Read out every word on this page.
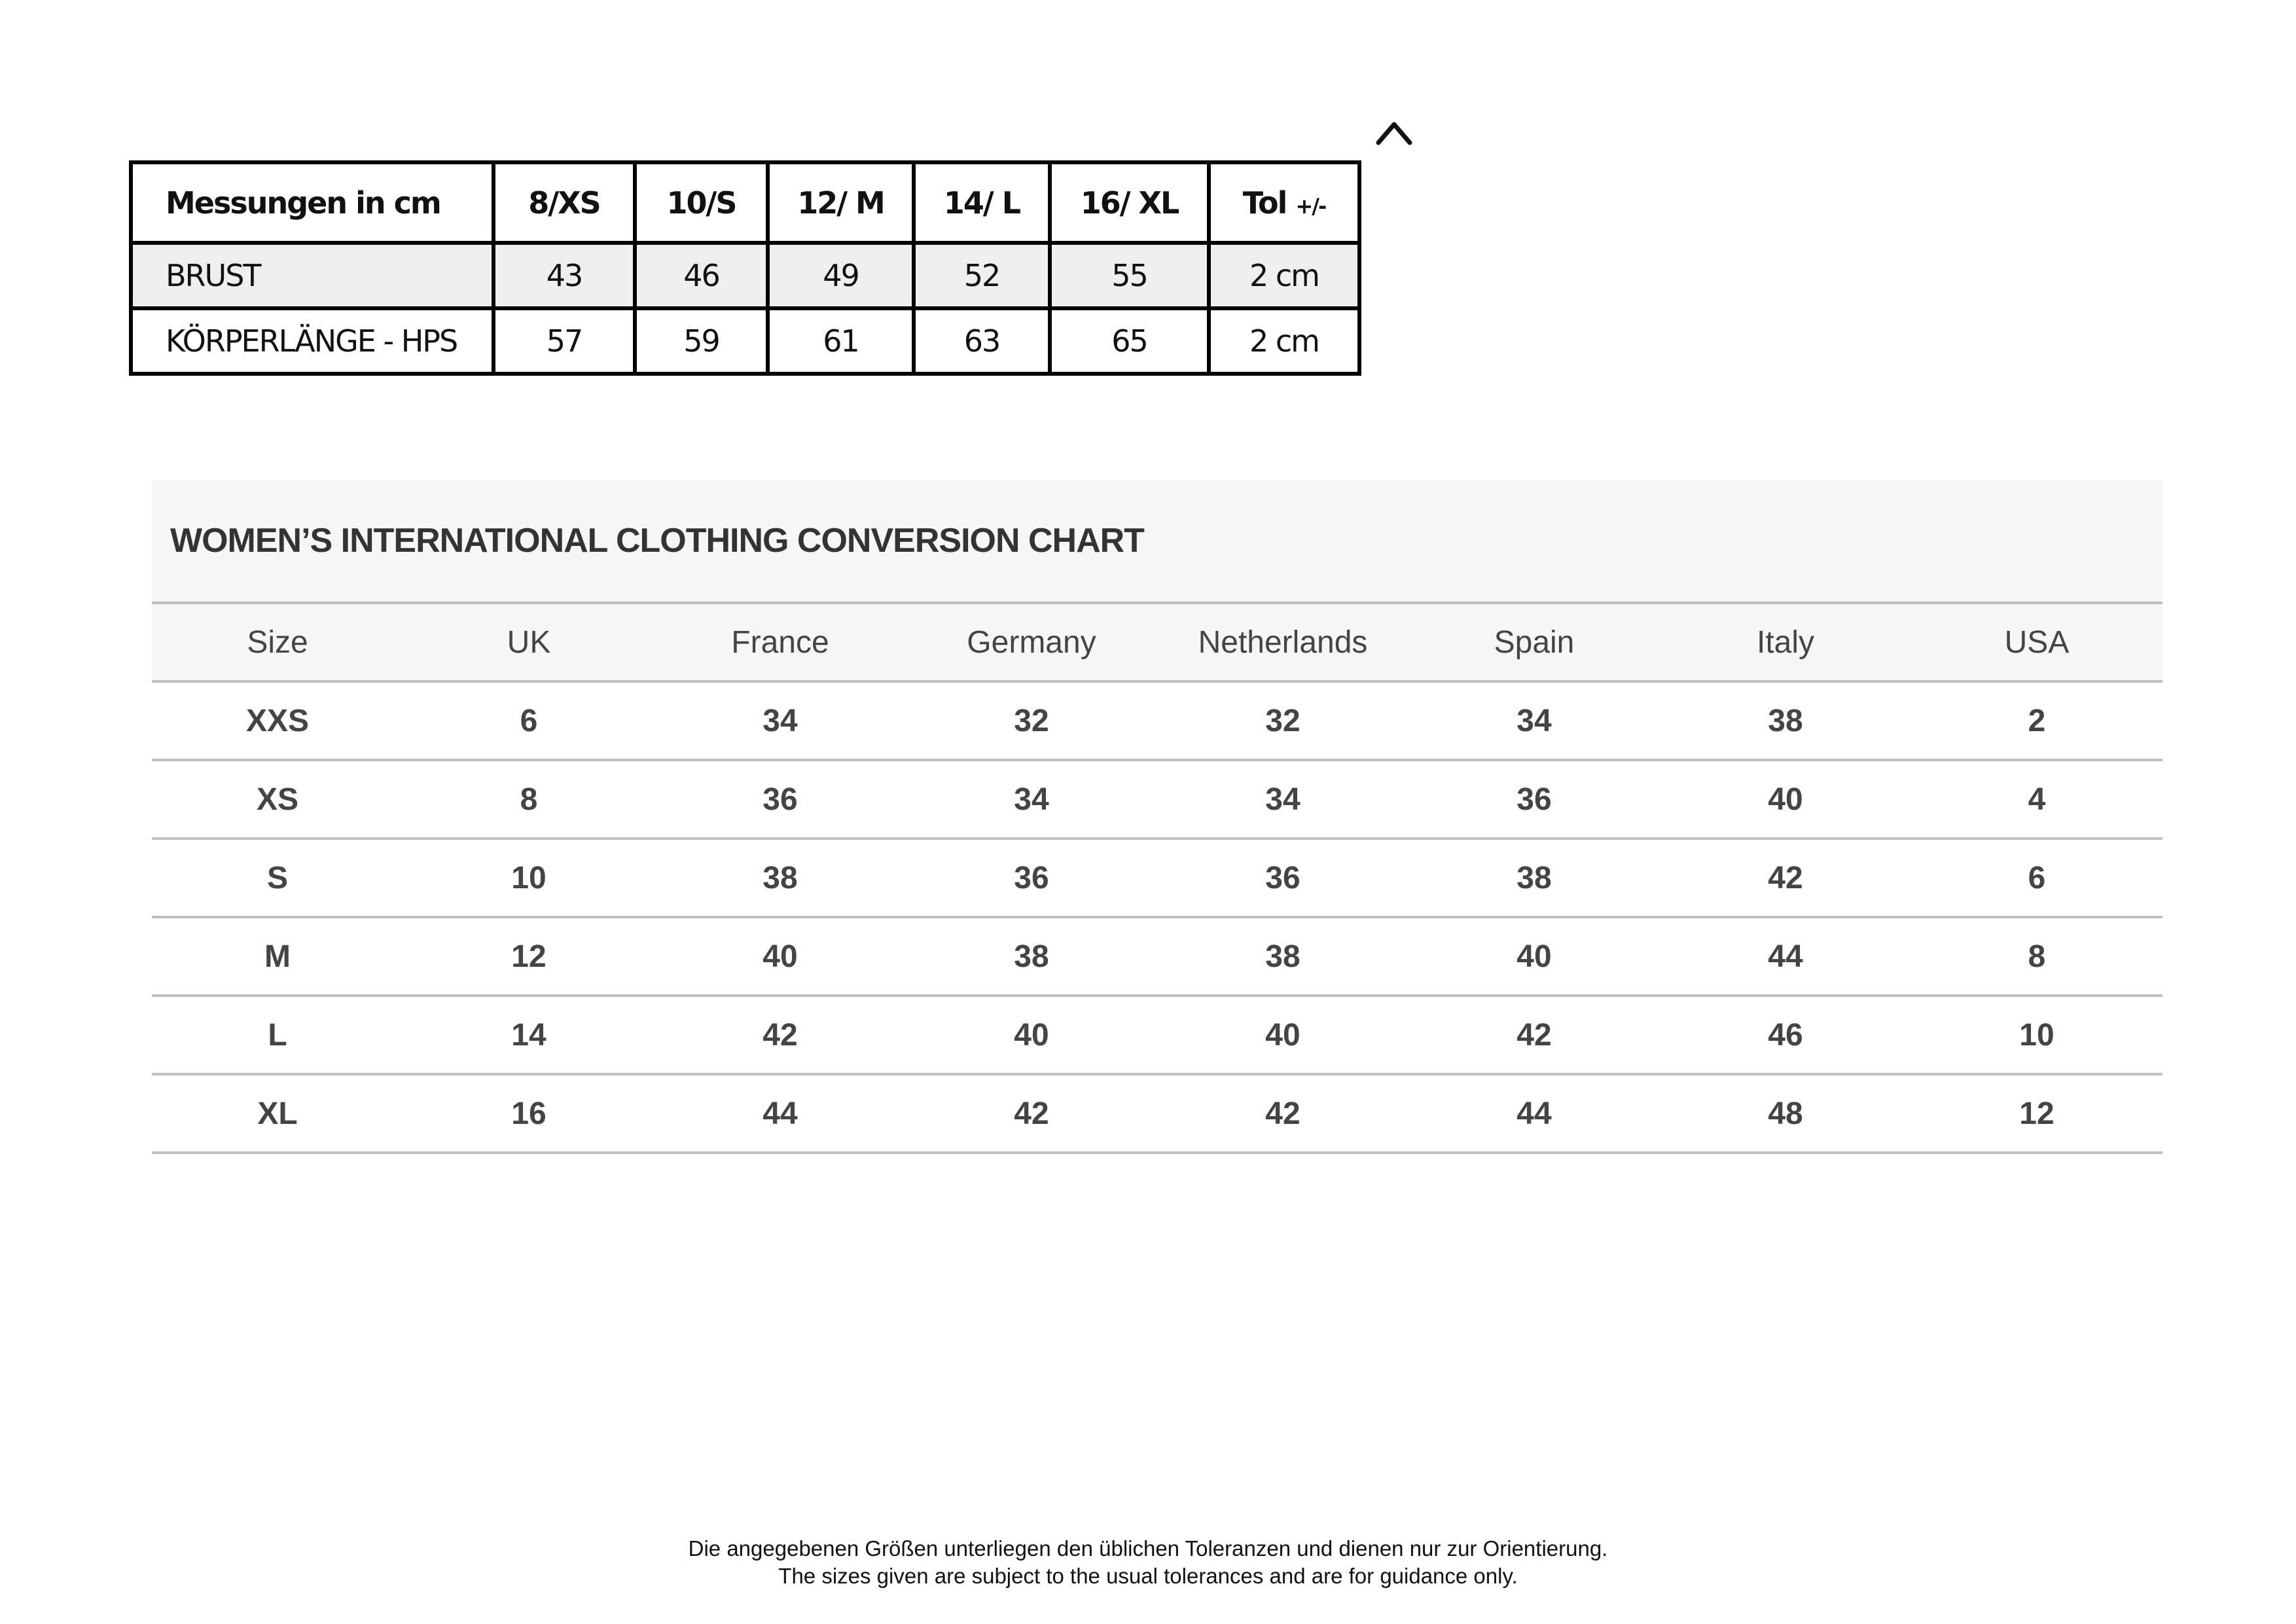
Messungen in cm	8/XS	10/S	12/ M	14/ L	16/ XL	Tol +/-
BRUST	43	46	49	52	55	2 cm
KÖRPERLÄNGE - HPS	57	59	61	63	65	2 cm
WOMEN’S INTERNATIONAL CLOTHING CONVERSION CHART
Size	UK	France	Germany	Netherlands	Spain	Italy	USA
XXS	6	34	32	32	34	38	2
XS	8	36	34	34	36	40	4
S	10	38	36	36	38	42	6
M	12	40	38	38	40	44	8
L	14	42	40	40	42	46	10
XL	16	44	42	42	44	48	12
Die angegebenen Größen unterliegen den üblichen Toleranzen und dienen nur zur Orientierung.
The sizes given are subject to the usual tolerances and are for guidance only.
